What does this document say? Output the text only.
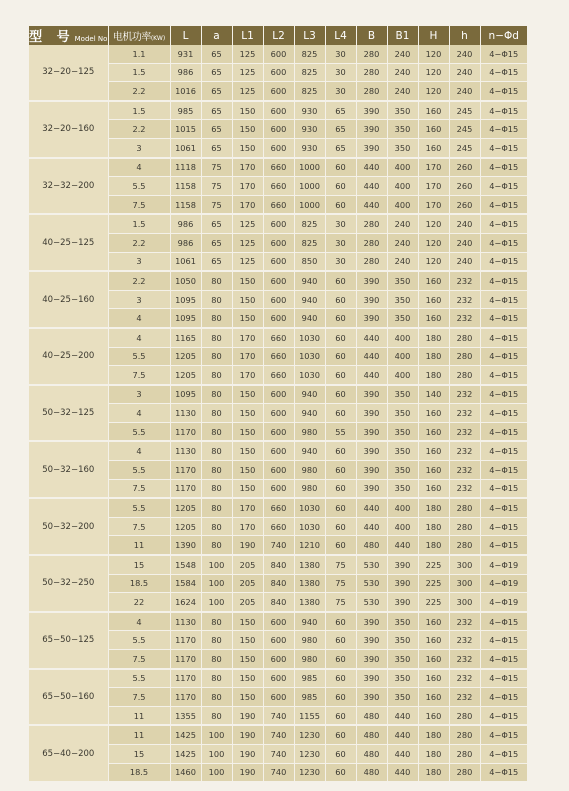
型 号Model No	电机功率(KW)	L	a	L1	L2	L3	L4	B	B1	H	h	n−Φd
32−20−125	1.1	931	65	125	600	825	30	280	240	120	240	4−Φ15
	1.5	986	65	125	600	825	30	280	240	120	240	4−Φ15
	2.2	1016	65	125	600	825	30	280	240	120	240	4−Φ15
32−20−160	1.5	985	65	150	600	930	65	390	350	160	245	4−Φ15
	2.2	1015	65	150	600	930	65	390	350	160	245	4−Φ15
	3	1061	65	150	600	930	65	390	350	160	245	4−Φ15
32−32−200	4	1118	75	170	660	1000	60	440	400	170	260	4−Φ15
	5.5	1158	75	170	660	1000	60	440	400	170	260	4−Φ15
	7.5	1158	75	170	660	1000	60	440	400	170	260	4−Φ15
40−25−125	1.5	986	65	125	600	825	30	280	240	120	240	4−Φ15
	2.2	986	65	125	600	825	30	280	240	120	240	4−Φ15
	3	1061	65	125	600	850	30	280	240	120	240	4−Φ15
40−25−160	2.2	1050	80	150	600	940	60	390	350	160	232	4−Φ15
	3	1095	80	150	600	940	60	390	350	160	232	4−Φ15
	4	1095	80	150	600	940	60	390	350	160	232	4−Φ15
40−25−200	4	1165	80	170	660	1030	60	440	400	180	280	4−Φ15
	5.5	1205	80	170	660	1030	60	440	400	180	280	4−Φ15
	7.5	1205	80	170	660	1030	60	440	400	180	280	4−Φ15
50−32−125	3	1095	80	150	600	940	60	390	350	140	232	4−Φ15
	4	1130	80	150	600	940	60	390	350	160	232	4−Φ15
	5.5	1170	80	150	600	980	55	390	350	160	232	4−Φ15
50−32−160	4	1130	80	150	600	940	60	390	350	160	232	4−Φ15
	5.5	1170	80	150	600	980	60	390	350	160	232	4−Φ15
	7.5	1170	80	150	600	980	60	390	350	160	232	4−Φ15
50−32−200	5.5	1205	80	170	660	1030	60	440	400	180	280	4−Φ15
	7.5	1205	80	170	660	1030	60	440	400	180	280	4−Φ15
	11	1390	80	190	740	1210	60	480	440	180	280	4−Φ15
50−32−250	15	1548	100	205	840	1380	75	530	390	225	300	4−Φ19
	18.5	1584	100	205	840	1380	75	530	390	225	300	4−Φ19
	22	1624	100	205	840	1380	75	530	390	225	300	4−Φ19
65−50−125	4	1130	80	150	600	940	60	390	350	160	232	4−Φ15
	5.5	1170	80	150	600	980	60	390	350	160	232	4−Φ15
	7.5	1170	80	150	600	980	60	390	350	160	232	4−Φ15
65−50−160	5.5	1170	80	150	600	985	60	390	350	160	232	4−Φ15
	7.5	1170	80	150	600	985	60	390	350	160	232	4−Φ15
	11	1355	80	190	740	1155	60	480	440	160	280	4−Φ15
65−40−200	11	1425	100	190	740	1230	60	480	440	180	280	4−Φ15
	15	1425	100	190	740	1230	60	480	440	180	280	4−Φ15
	18.5	1460	100	190	740	1230	60	480	440	180	280	4−Φ15
